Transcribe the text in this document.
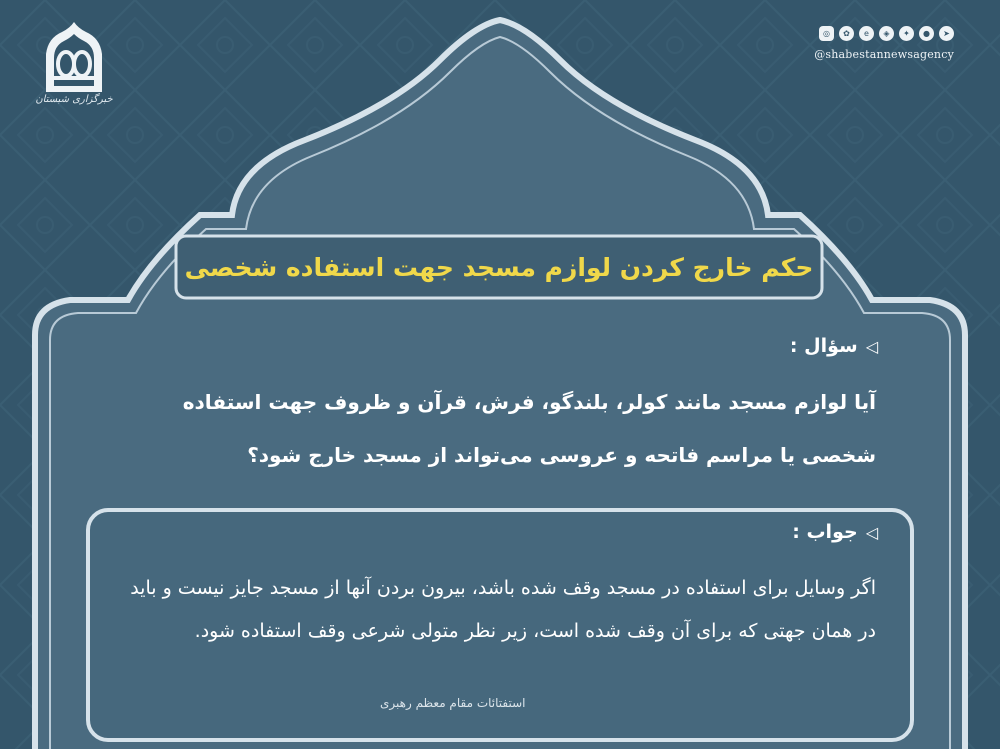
خبرگزاری شبستان
◎	✿	e	◈	✦	●	➤
@shabestannewsagency
حکم خارج کردن لوازم مسجد جهت استفاده شخصی
◁سؤال :
آیا لوازم مسجد مانند کولر، بلندگو، فرش، قرآن و ظروف جهت استفاده شخصی یا مراسم فاتحه و عروسی می‌تواند از مسجد خارج شود؟
◁جواب :
اگر وسایل برای استفاده در مسجد وقف شده باشد، بیرون بردن آنها از مسجد جایز نیست و باید در همان جهتی که برای آن وقف شده است، زیر نظر متولی شرعی وقف استفاده شود.
استفتائات مقام معظم رهبری
